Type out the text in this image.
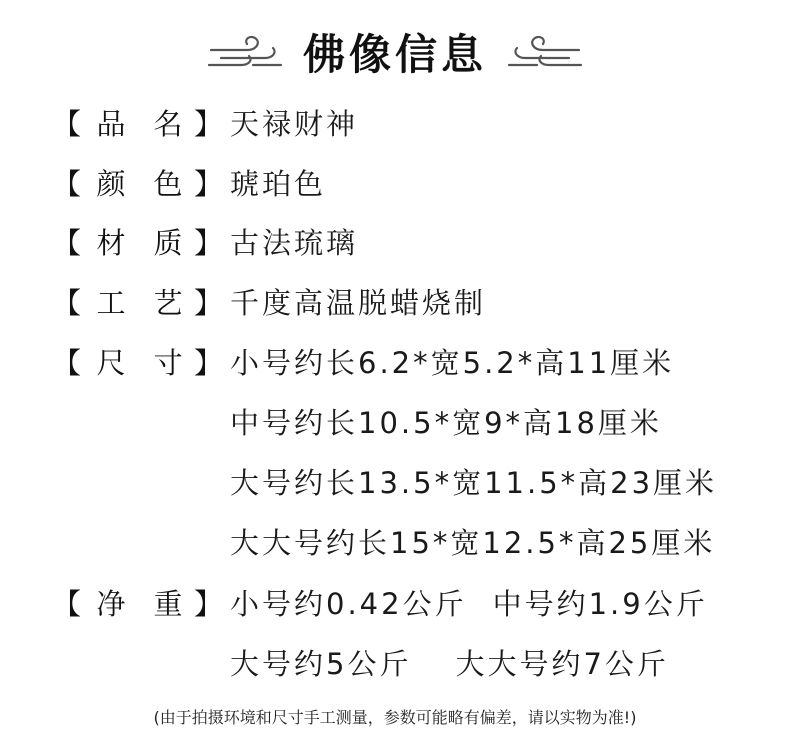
佛像信息
【 品 名 】 天禄财神
【 颜 色 】 琥珀色
【 材 质 】 古法琉璃
【 工 艺 】 千度高温脱蜡烧制
【 尺 寸 】 小号约长6.2*宽5.2*高11厘米
中号约长10.5*宽9*高18厘米
大号约长13.5*宽11.5*高23厘米
大大号约长15*宽12.5*高25厘米
【 净 重 】 小号约0.42公斤 中号约1.9公斤
大号约5公斤 大大号约7公斤
(由于拍摄环境和尺寸手工测量，参数可能略有偏差，请以实物为准!)
